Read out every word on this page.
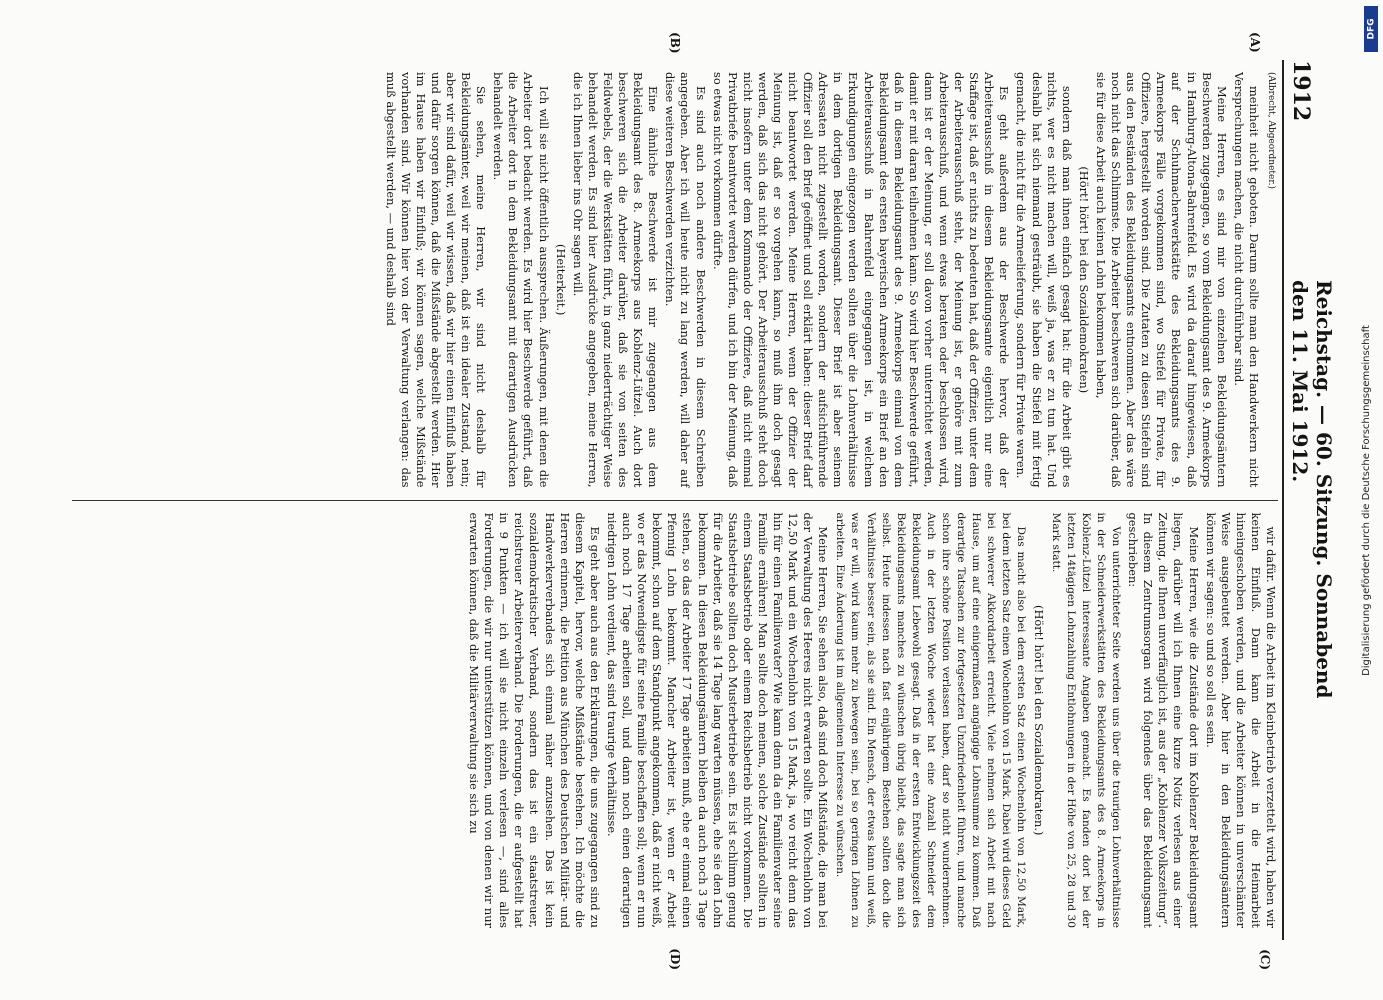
1912
Reichstag. — 60. Sitzung. Sonnabend den 11. Mai 1912.
(A)
(B)
(C)
(D)

(Albrecht, Abgeordneter.)

meinheit nicht geboten. Darum sollte man den Handwerkern nicht Versprechungen machen, die nicht durchführbar sind.

Meine Herren, es sind mir von einzelnen Bekleidungsämtern Beschwerden zugegangen, so vom Bekleidungsamt des 9. Armeekorps in Hamburg-Altona-Bahrenfeld. Es wird da darauf hingewiesen, daß auf der Schuhmacherwerkstätte des Bekleidungsamts des 9. Armeekorps Fälle vorgekommen sind, wo Stiefel für Private, für Offiziere, hergestellt worden sind. Die Zutaten zu diesen Stiefeln sind aus den Beständen des Bekleidungsamts entnommen. Aber das wäre noch nicht das Schlimmste. Die Arbeiter beschweren sich darüber, daß sie für diese Arbeit auch keinen Lohn bekommen haben,

(Hört! hört! bei den Sozialdemokraten)

sondern daß man ihnen einfach gesagt hat: für die Arbeit gibt es nichts, wer es nicht machen will, weiß ja, was er zu tun hat. Und deshalb hat sich niemand gesträubt, sie haben die Stiefel mit fertig gemacht, die nicht für die Armeelieferung, sondern für Private waren.

Es geht außerdem aus der Beschwerde hervor, daß der Arbeiterausschuß in diesem Bekleidungsamte eigentlich nur eine Staffage ist, daß er nichts zu bedeuten hat, daß der Offizier, unter dem der Arbeiterausschuß steht, der Meinung ist, er gehöre mit zum Arbeiterausschuß, und wenn etwas beraten oder beschlossen wird, dann ist er der Meinung, er soll davon vorher unterrichtet werden, damit er mit daran teilnehmen kann. So wird hier Beschwerde geführt, daß in diesem Bekleidungsamt des 9. Armeekorps einmal von dem Bekleidungsamt des ersten bayerischen Armeekorps ein Brief an den Arbeiterausschuß in Bahrenfeld eingegangen ist, in welchem Erkundigungen eingezogen werden sollten über die Lohnverhältnisse in dem dortigen Bekleidungsamt. Dieser Brief ist aber seinem Adressaten nicht zugestellt worden, sondern der aufsichtführende Offizier soll den Brief geöffnet und soll erklärt haben: dieser Brief darf nicht beantwortet werden. Meine Herren, wenn der Offizier der Meinung ist, daß er so vorgehen kann, so muß ihm doch gesagt werden, daß sich das nicht gehört. Der Arbeiterausschuß steht doch nicht insofern unter dem Kommando der Offiziere, daß nicht einmal Privatbriefe beantwortet werden dürfen, und ich bin der Meinung, daß so etwas nicht vorkommen dürfte.

Es sind auch noch andere Beschwerden in diesem Schreiben angegeben. Aber ich will heute nicht zu lang werden, will daher auf diese weiteren Beschwerden verzichten.

Eine ähnliche Beschwerde ist mir zugegangen aus dem Bekleidungsamt des 8. Armeekorps aus Koblenz-Lützel. Auch dort beschweren sich die Arbeiter darüber, daß sie von seiten des Feldwebels, der die Werkstätten führt, in ganz niederträchtiger Weise behandelt werden. Es sind hier Ausdrücke angegeben, meine Herren, die ich Ihnen lieber ins Ohr sagen will.

(Heiterkeit.)

Ich will sie nicht öffentlich aussprechen. Äußerungen, mit denen die Arbeiter dort bedacht werden. Es wird hier Beschwerde geführt, daß die Arbeiter dort in dem Bekleidungsamt mit derartigen Ausdrücken behandelt werden.

Sie sehen, meine Herren, wir sind nicht deshalb für Bekleidungsämter, weil wir meinen, daß ist ein idealer Zustand, nein; aber wir sind dafür, weil wir wissen, daß wir hier einen Einfluß haben und dafür sorgen können, daß die Mißstände abgestellt werden. Hier im Hause haben wir Einfluß; wir können sagen, welche Mißstände vorhanden sind. Wir können hier von der Verwaltung verlangen: das muß abgestellt werden, — und deshalb sind

wir dafür. Wenn die Arbeit im Kleinbetrieb verzettelt wird, haben wir keinen Einfluß. Dann kann die Arbeit in die Heimarbeit hineingeschoben werden, und die Arbeiter können in unverschämter Weise ausgebeutet werden. Aber hier in den Bekleidungsämtern können wir sagen: so und so soll es sein.

Meine Herren, wie die Zustände dort im Koblenzer Bekleidungsamt liegen, darüber will ich Ihnen eine kurze Notiz verlesen aus einer Zeitung, die Ihnen unverfänglich ist, aus der „Koblenzer Volkszeitung“. In diesem Zentrumsorgan wird folgendes über das Bekleidungsamt geschrieben:

Von unterrichteter Seite werden uns über die traurigen Lohnverhältnisse in der Schneiderwerkstätten des Bekleidungsamts des 8. Armeekorps in Koblenz-Lützel interessante Angaben gemacht. Es fanden dort bei der letzten 14tägigen Lohnzahlung Entlohnungen in der Höhe von 25, 28 und 30 Mark statt.

(Hört! hört! bei den Sozialdemokraten.)

Das macht also bei dem ersten Satz einen Wochenlohn von 12,50 Mark, bei dem letzten Satz einen Wochenlohn von 15 Mark. Dabei wird dieses Geld bei schwerer Akkordarbeit erreicht. Viele nehmen sich Arbeit mit nach Hause, um auf eine einigermaßen angängige Lohnsumme zu kommen. Daß derartige Tatsachen zur fortgesetzten Unzufriedenheit führen, und manche schon ihre schöne Position verlassen haben, darf so nicht wundernehmen. Auch in der letzten Woche wieder hat eine Anzahl Schneider dem Bekleidungsamt Lebewohl gesagt. Daß in der ersten Entwicklungszeit des Bekleidungsamts manches zu wünschen übrig bleibt, das sagte man sich selbst. Heute indessen nach fast einjährigem Bestehen sollten doch die Verhältnisse besser sein, als sie sind. Ein Mensch, der etwas kann und weiß, was er will, wird kaum mehr zu bewegen sein, bei so geringen Löhnen zu arbeiten. Eine Änderung ist im allgemeinen Interesse zu wünschen.

Meine Herren, Sie sehen also, daß sind doch Mißstände, die man bei der Verwaltung des Heeres nicht erwarten sollte. Ein Wochenlohn von 12,50 Mark und ein Wochenlohn von 15 Mark, ja, wo reicht denn das hin für einen Familienvater? Wie kann denn da ein Familienvater seine Familie ernähren! Man sollte doch meinen, solche Zustände sollten in einem Staatsbetrieb oder einem Reichsbetrieb nicht vorkommen. Die Staatsbetriebe sollten doch Musterbetriebe sein. Es ist schlimm genug für die Arbeiter, daß sie 14 Tage lang warten müssen, ehe sie den Lohn bekommen. In diesen Bekleidungsämtern bleiben da auch noch 3 Tage stehen, so das der Arbeiter 17 Tage arbeiten muß, ehe er einmal einen Pfennig Lohn bekommt. Mancher Arbeiter ist, wenn er Arbeit bekommt, schon auf dem Standpunkt angekommen, daß er nicht weiß, wo er das Notwendigste für seine Familie beschaffen soll; wenn er nun auch noch 17 Tage arbeiten soll, und dann noch einen derartigen niedrigen Lohn verdient, das sind traurige Verhältnisse.

Es geht aber auch aus den Erklärungen, die uns zugegangen sind zu diesem Kapitel, hervor, welche Mißstände bestehen. Ich möchte die Herren erinnern, die Petition aus München des Deutschen Militär- und Handwerkerverbandes sich einmal näher anzusehen. Das ist kein sozialdemokratischer Verband, sondern das ist ein staatstreuer, reichstreuer Arbeiterverband. Die Forderungen, die er aufgestellt hat in 9 Punkten — ich will sie nicht einzeln verlesen —, sind alles Forderungen, die wir nur unterstützen können, und von denen wir nur erwarten können, daß die Militärverwaltung sie sich zu

DFG
Digitalisierung gefördert durch die Deutsche Forschungsgemeinschaft
